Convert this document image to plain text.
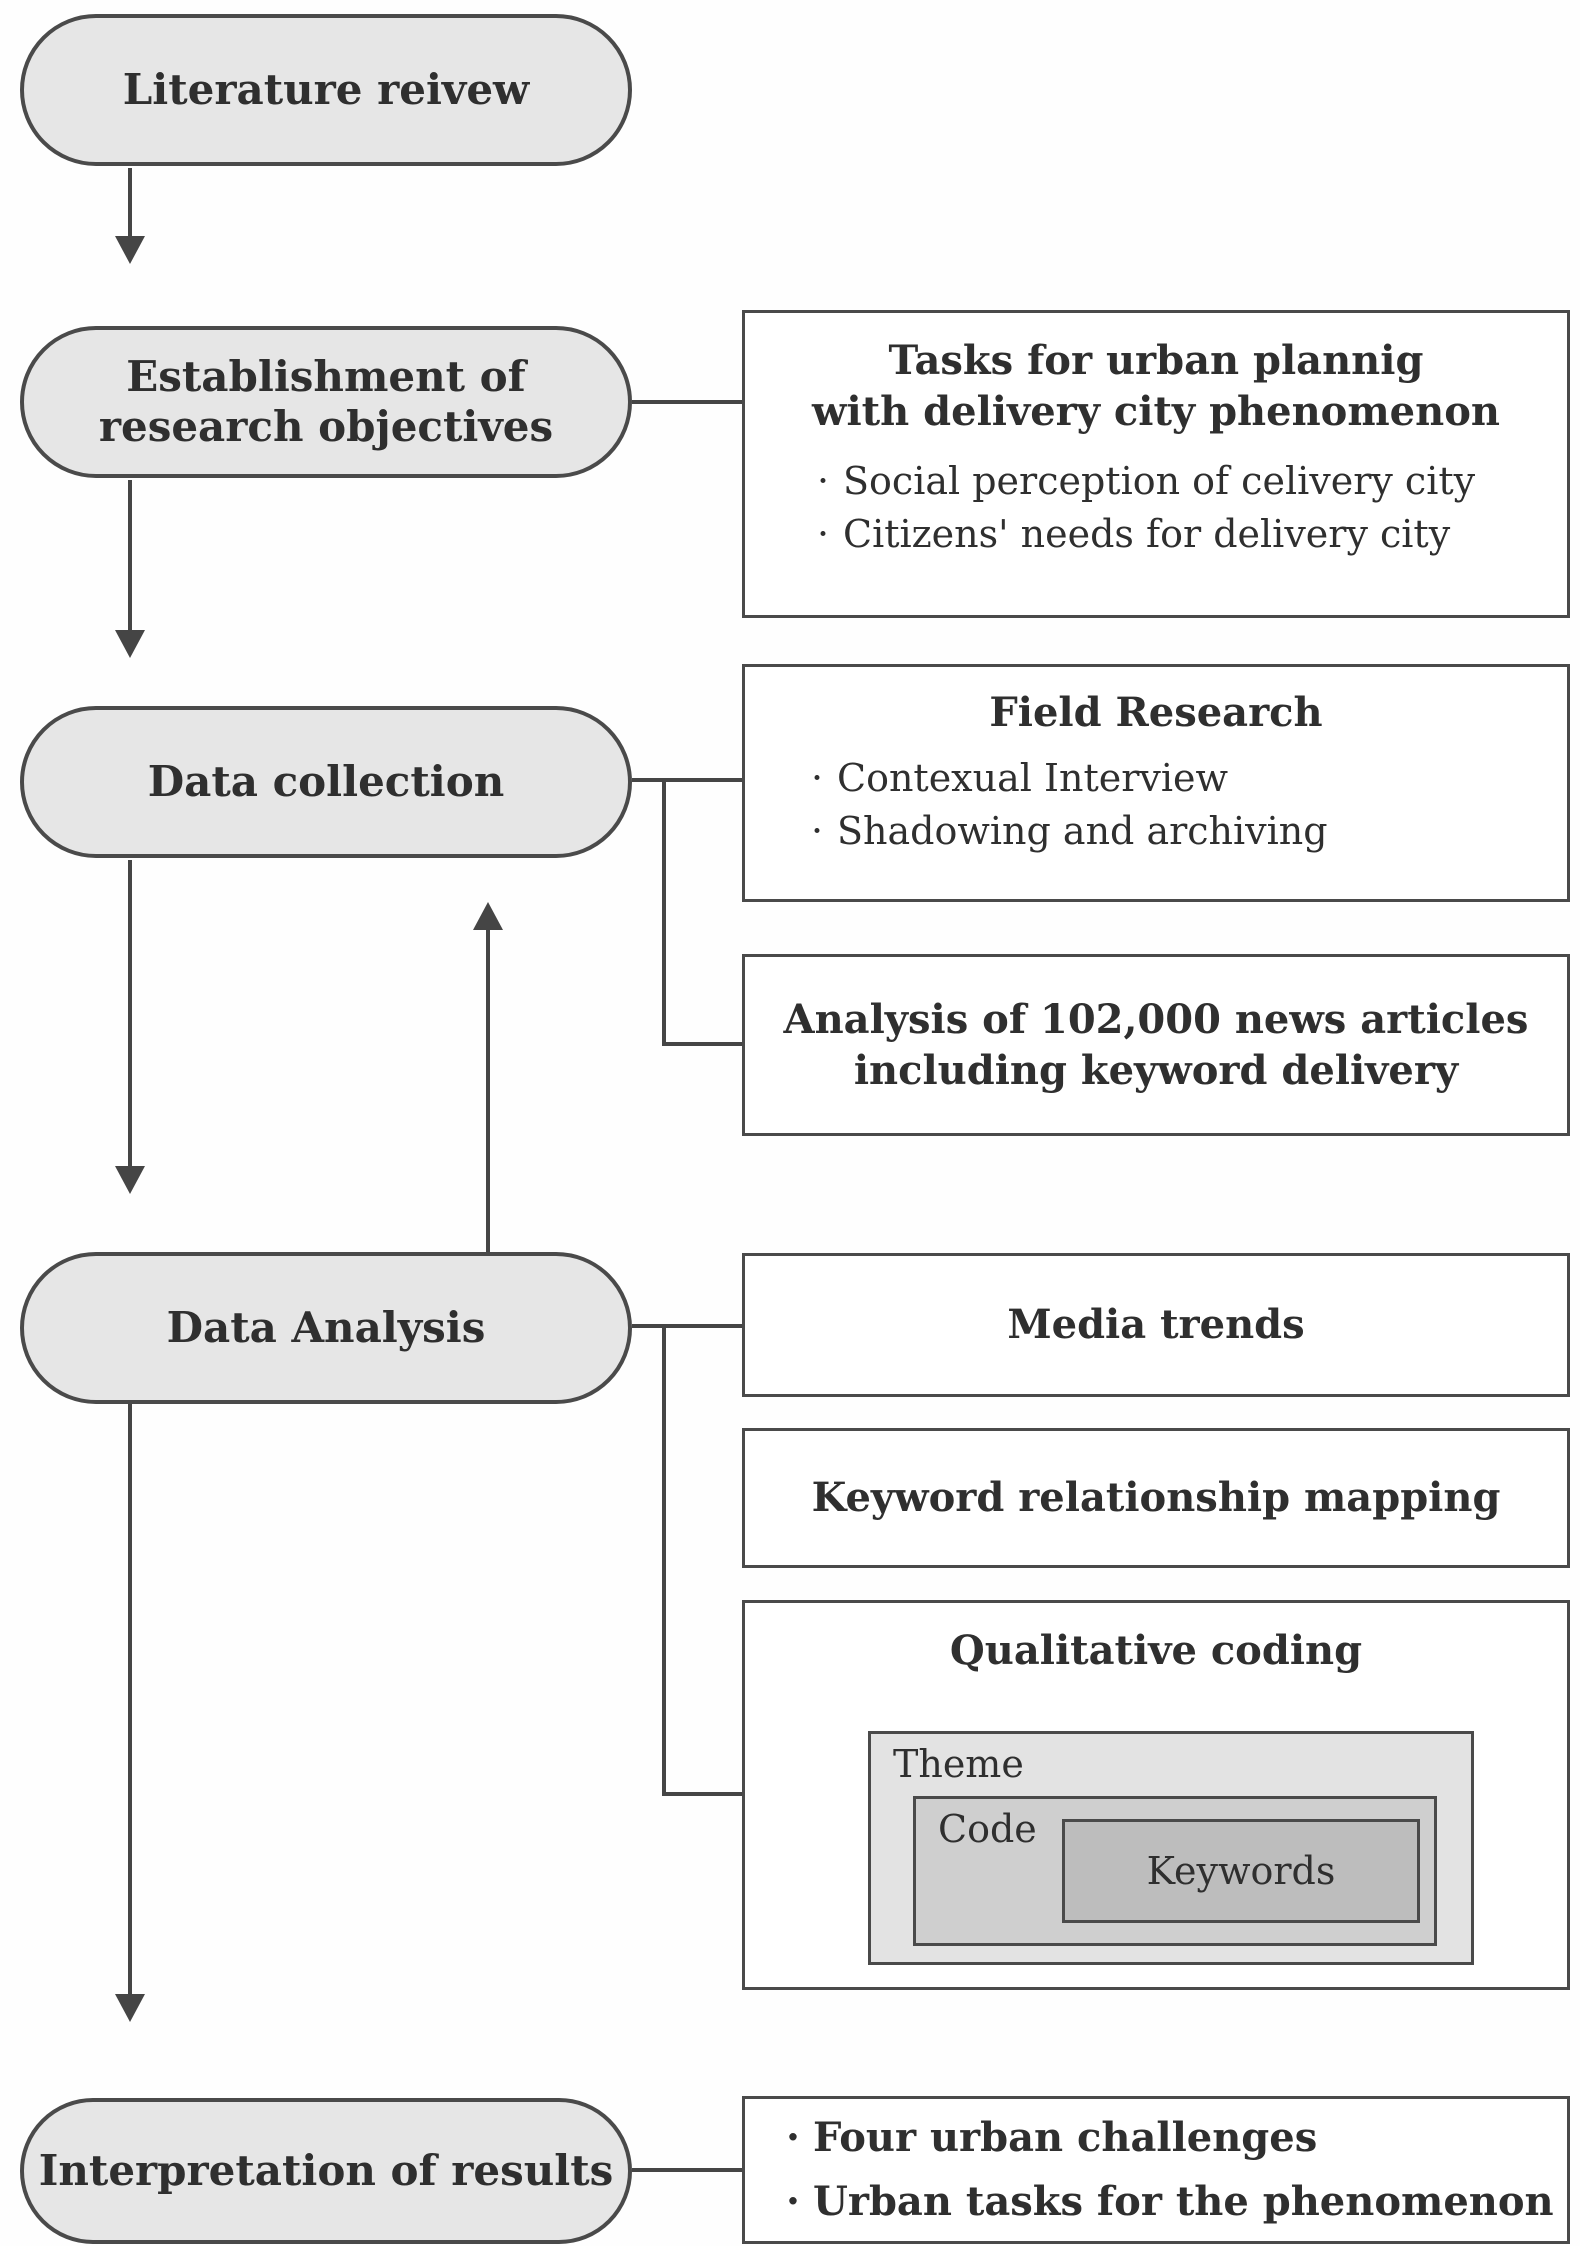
Literature reivew
Establishment of
research objectives
Data collection
Data Analysis
Interpretation of results
Tasks for urban plannig
with delivery city phenomenon
· Social perception of celivery city
· Citizens' needs for delivery city
Field Research
· Contexual Interview
· Shadowing and archiving
Analysis of 102,000 news articles
including keyword delivery
Media trends
Keyword relationship mapping
Qualitative coding
Theme
Code
Keywords
· Four urban challenges
· Urban tasks for the phenomenon
